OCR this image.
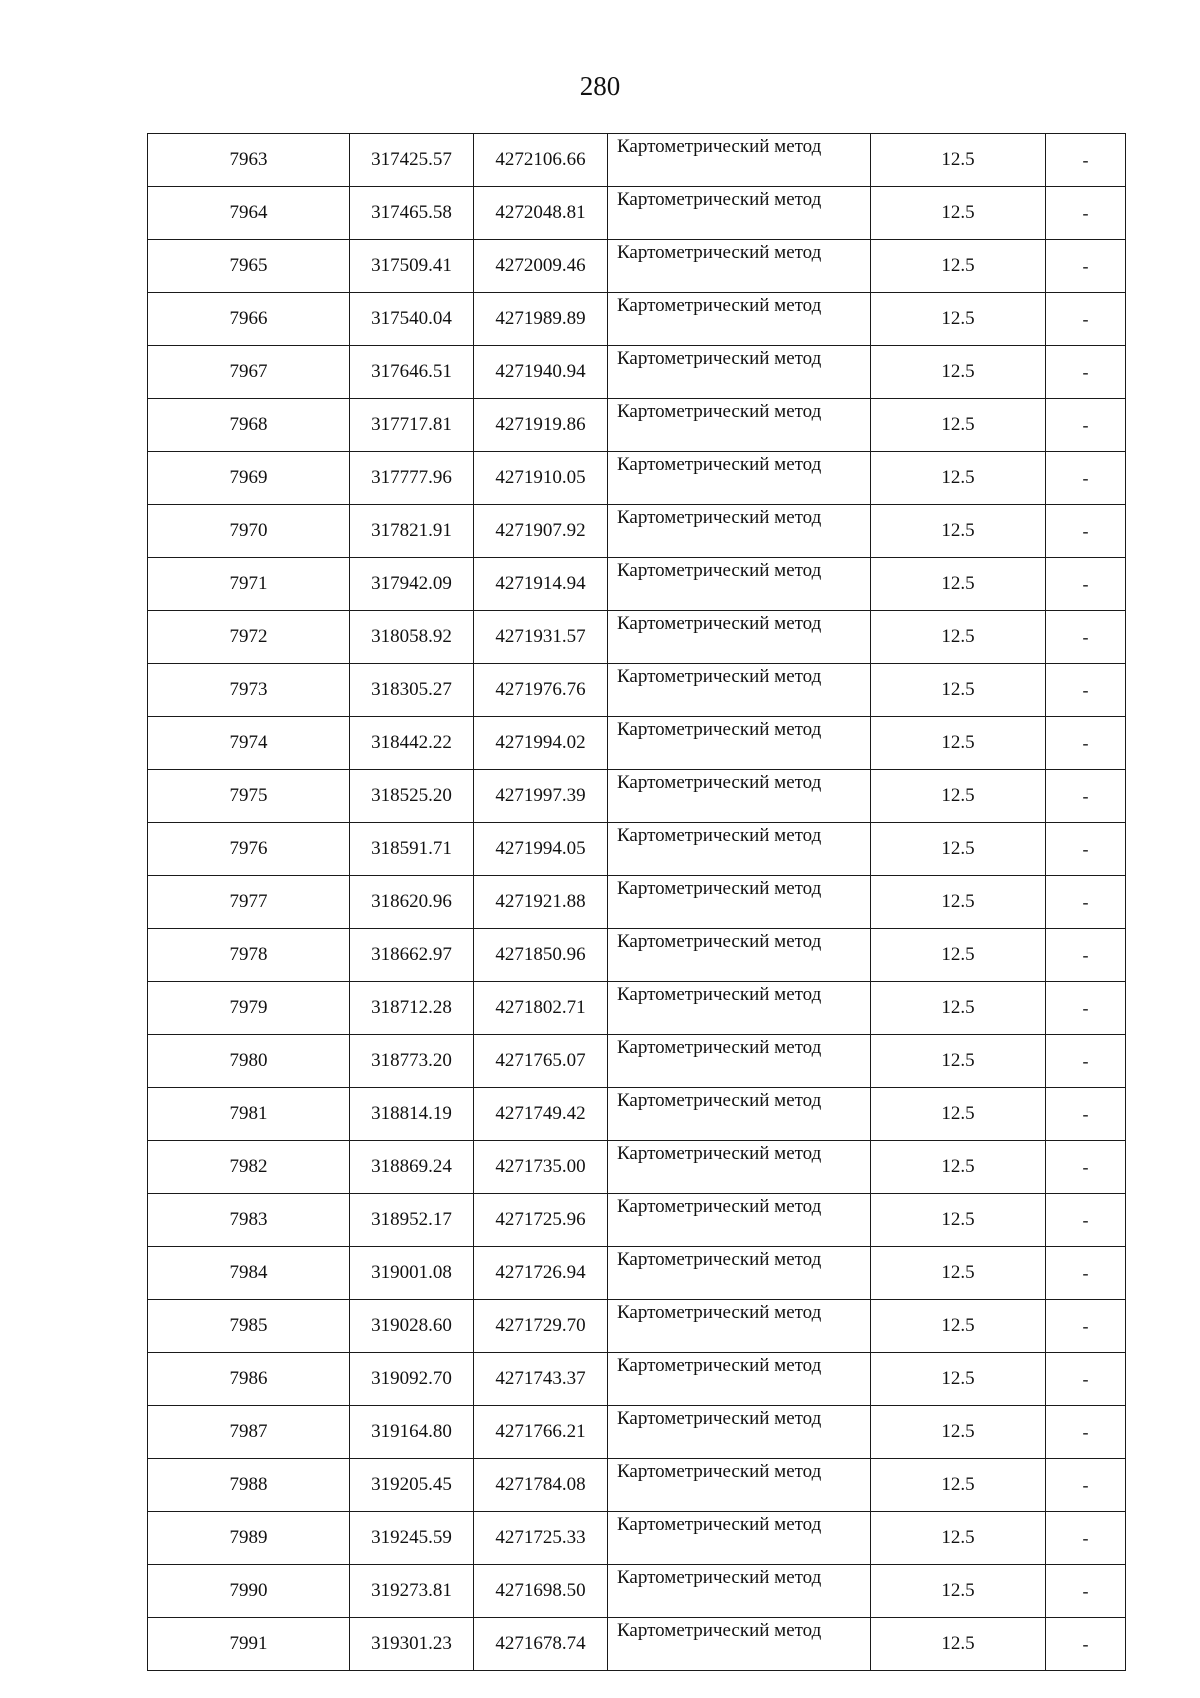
280
7963	317425.57	4272106.66	Картометрический метод	12.5	-
7964	317465.58	4272048.81	Картометрический метод	12.5	-
7965	317509.41	4272009.46	Картометрический метод	12.5	-
7966	317540.04	4271989.89	Картометрический метод	12.5	-
7967	317646.51	4271940.94	Картометрический метод	12.5	-
7968	317717.81	4271919.86	Картометрический метод	12.5	-
7969	317777.96	4271910.05	Картометрический метод	12.5	-
7970	317821.91	4271907.92	Картометрический метод	12.5	-
7971	317942.09	4271914.94	Картометрический метод	12.5	-
7972	318058.92	4271931.57	Картометрический метод	12.5	-
7973	318305.27	4271976.76	Картометрический метод	12.5	-
7974	318442.22	4271994.02	Картометрический метод	12.5	-
7975	318525.20	4271997.39	Картометрический метод	12.5	-
7976	318591.71	4271994.05	Картометрический метод	12.5	-
7977	318620.96	4271921.88	Картометрический метод	12.5	-
7978	318662.97	4271850.96	Картометрический метод	12.5	-
7979	318712.28	4271802.71	Картометрический метод	12.5	-
7980	318773.20	4271765.07	Картометрический метод	12.5	-
7981	318814.19	4271749.42	Картометрический метод	12.5	-
7982	318869.24	4271735.00	Картометрический метод	12.5	-
7983	318952.17	4271725.96	Картометрический метод	12.5	-
7984	319001.08	4271726.94	Картометрический метод	12.5	-
7985	319028.60	4271729.70	Картометрический метод	12.5	-
7986	319092.70	4271743.37	Картометрический метод	12.5	-
7987	319164.80	4271766.21	Картометрический метод	12.5	-
7988	319205.45	4271784.08	Картометрический метод	12.5	-
7989	319245.59	4271725.33	Картометрический метод	12.5	-
7990	319273.81	4271698.50	Картометрический метод	12.5	-
7991	319301.23	4271678.74	Картометрический метод	12.5	-
